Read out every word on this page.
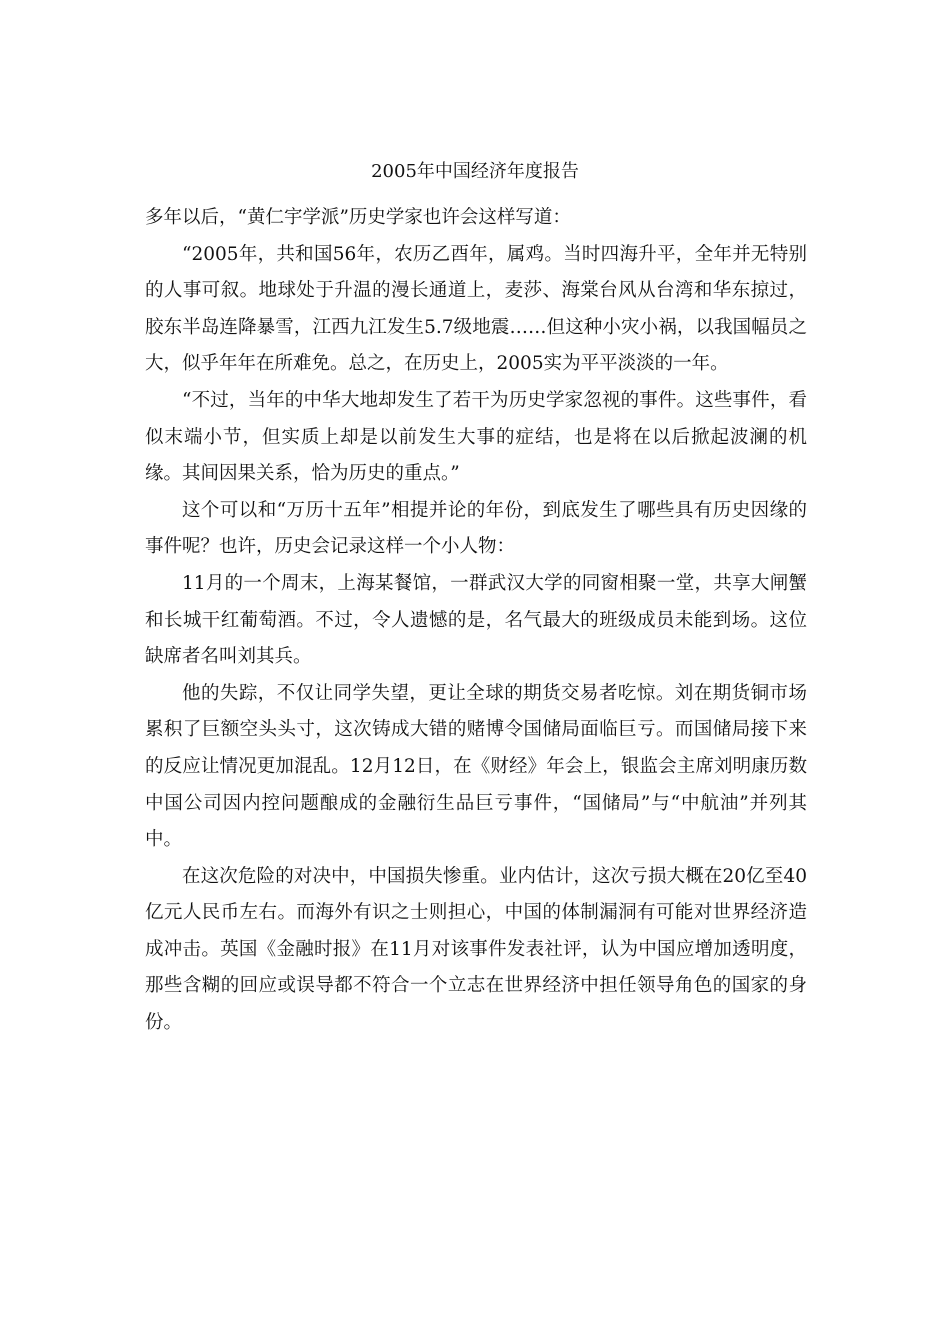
2005年中国经济年度报告

多年以后，“黄仁宇学派”历史学家也许会这样写道：

“2005年，共和国56年，农历乙酉年，属鸡。当时四海升平，全年并无特别的人事可叙。地球处于升温的漫长通道上，麦莎、海棠台风从台湾和华东掠过，胶东半岛连降暴雪，江西九江发生5.7级地震……但这种小灾小祸，以我国幅员之大，似乎年年在所难免。总之，在历史上，2005实为平平淡淡的一年。

“不过，当年的中华大地却发生了若干为历史学家忽视的事件。这些事件，看似末端小节，但实质上却是以前发生大事的症结，也是将在以后掀起波澜的机缘。其间因果关系，恰为历史的重点。”

这个可以和“万历十五年”相提并论的年份，到底发生了哪些具有历史因缘的事件呢？也许，历史会记录这样一个小人物：

11月的一个周末，上海某餐馆，一群武汉大学的同窗相聚一堂，共享大闸蟹和长城干红葡萄酒。不过，令人遗憾的是，名气最大的班级成员未能到场。这位缺席者名叫刘其兵。

他的失踪，不仅让同学失望，更让全球的期货交易者吃惊。刘在期货铜市场累积了巨额空头头寸，这次铸成大错的赌博令国储局面临巨亏。而国储局接下来的反应让情况更加混乱。12月12日，在《财经》年会上，银监会主席刘明康历数中国公司因内控问题酿成的金融衍生品巨亏事件，“国储局”与“中航油”并列其中。

在这次危险的对决中，中国损失惨重。业内估计，这次亏损大概在20亿至40亿元人民币左右。而海外有识之士则担心，中国的体制漏洞有可能对世界经济造成冲击。英国《金融时报》在11月对该事件发表社评，认为中国应增加透明度，那些含糊的回应或误导都不符合一个立志在世界经济中担任领导角色的国家的身份。
